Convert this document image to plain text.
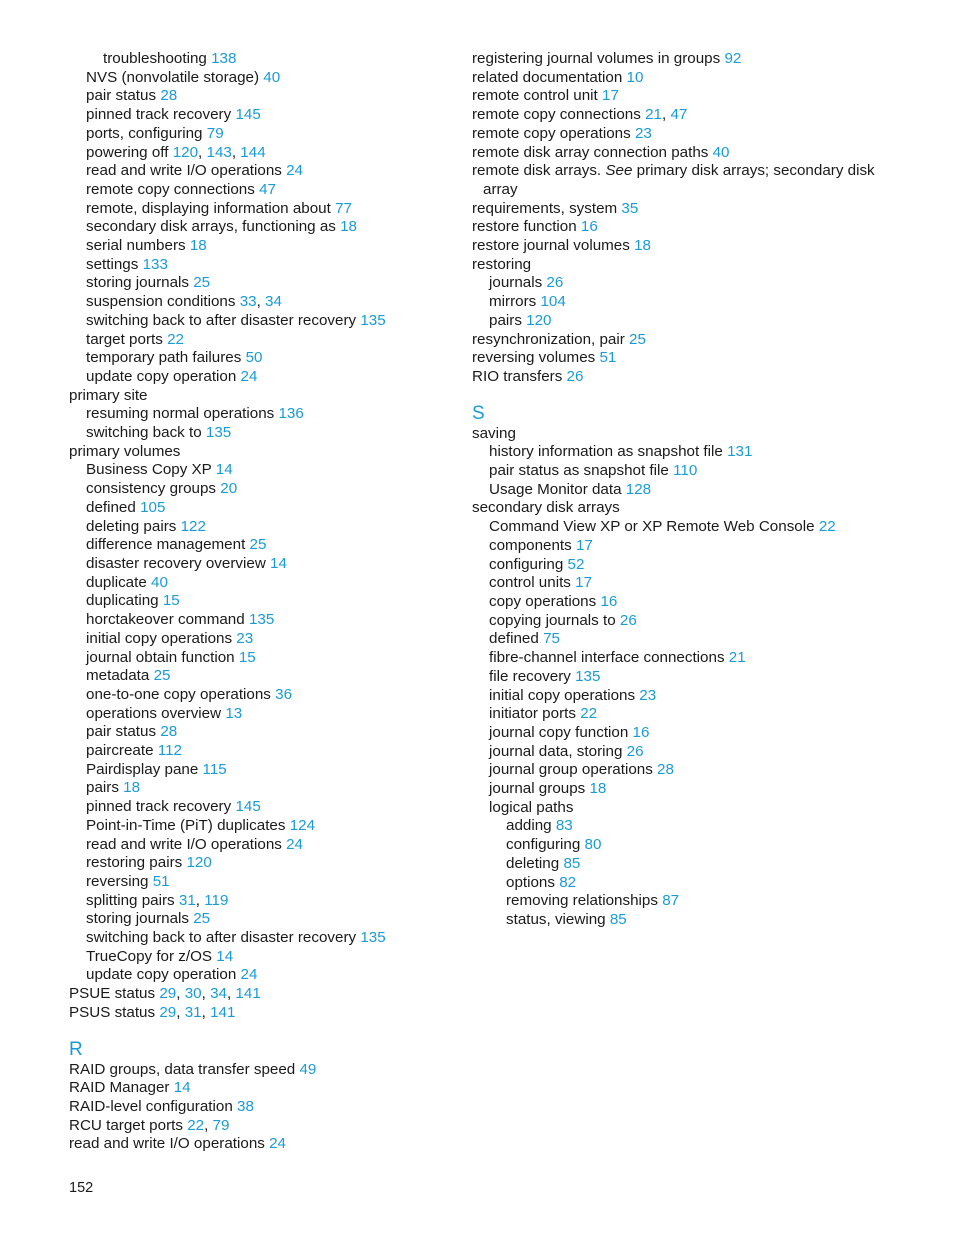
troubleshooting 138
NVS (nonvolatile storage) 40
pair status 28
pinned track recovery 145
ports, configuring 79
powering off 120, 143, 144
read and write I/O operations 24
remote copy connections 47
remote, displaying information about 77
secondary disk arrays, functioning as 18
serial numbers 18
settings 133
storing journals 25
suspension conditions 33, 34
switching back to after disaster recovery 135
target ports 22
temporary path failures 50
update copy operation 24
primary site
resuming normal operations 136
switching back to 135
primary volumes
Business Copy XP 14
consistency groups 20
defined 105
deleting pairs 122
difference management 25
disaster recovery overview 14
duplicate 40
duplicating 15
horctakeover command 135
initial copy operations 23
journal obtain function 15
metadata 25
one-to-one copy operations 36
operations overview 13
pair status 28
paircreate 112
Pairdisplay pane 115
pairs 18
pinned track recovery 145
Point-in-Time (PiT) duplicates 124
read and write I/O operations 24
restoring pairs 120
reversing 51
splitting pairs 31, 119
storing journals 25
switching back to after disaster recovery 135
TrueCopy for z/OS 14
update copy operation 24
PSUE status 29, 30, 34, 141
PSUS status 29, 31, 141
R
RAID groups, data transfer speed 49
RAID Manager 14
RAID-level configuration 38
RCU target ports 22, 79
read and write I/O operations 24
registering journal volumes in groups 92
related documentation 10
remote control unit 17
remote copy connections 21, 47
remote copy operations 23
remote disk array connection paths 40
remote disk arrays. See primary disk arrays; secondary disk array
requirements, system 35
restore function 16
restore journal volumes 18
restoring
journals 26
mirrors 104
pairs 120
resynchronization, pair 25
reversing volumes 51
RIO transfers 26
S
saving
history information as snapshot file 131
pair status as snapshot file 110
Usage Monitor data 128
secondary disk arrays
Command View XP or XP Remote Web Console 22
components 17
configuring 52
control units 17
copy operations 16
copying journals to 26
defined 75
fibre-channel interface connections 21
file recovery 135
initial copy operations 23
initiator ports 22
journal copy function 16
journal data, storing 26
journal group operations 28
journal groups 18
logical paths
adding 83
configuring 80
deleting 85
options 82
removing relationships 87
status, viewing 85
152
